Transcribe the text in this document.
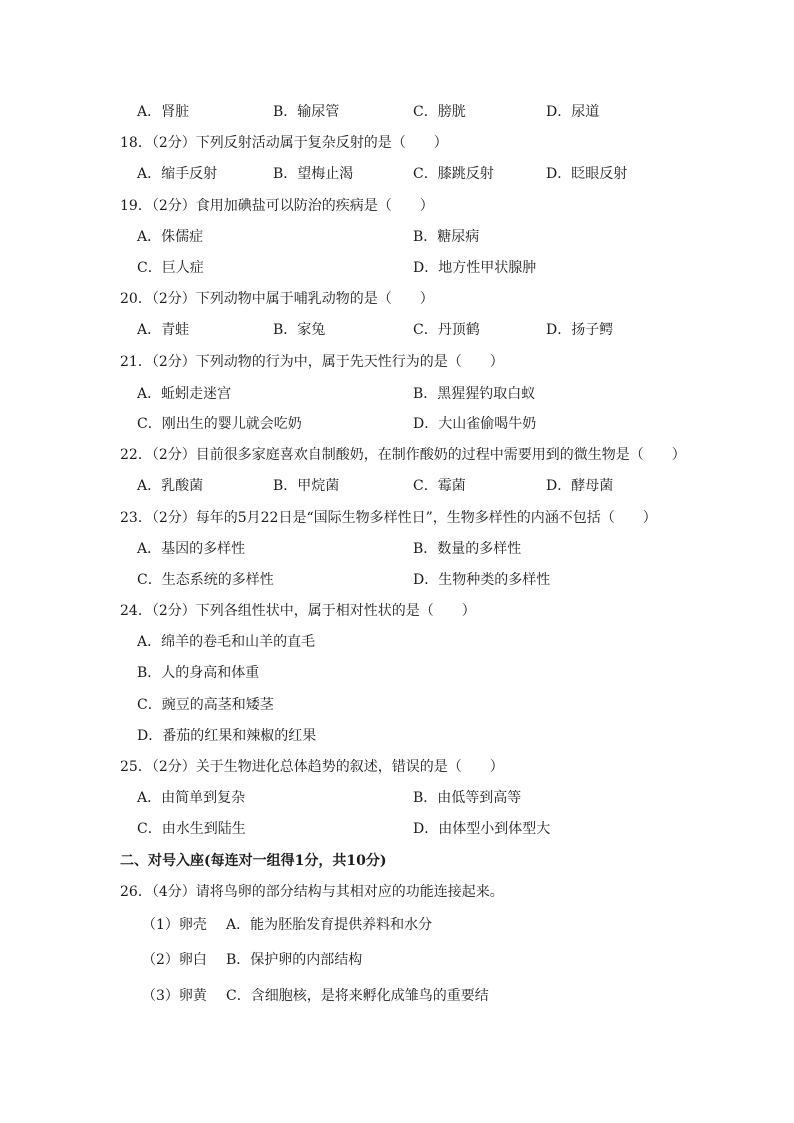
A．肾脏	B．输尿管	C．膀胱	D．尿道
18．（2分）下列反射活动属于复杂反射的是（　　）
A．缩手反射	B．望梅止渴	C．膝跳反射	D．眨眼反射
19．（2分）食用加碘盐可以防治的疾病是（　　）
A．侏儒症	B．糖尿病
C．巨人症	D．地方性甲状腺肿
20．（2分）下列动物中属于哺乳动物的是（　　）
A．青蛙	B．家兔	C．丹顶鹤	D．扬子鳄
21．（2分）下列动物的行为中，属于先天性行为的是（　　）
A．蚯蚓走迷宫	B．黑猩猩钓取白蚁
C．刚出生的婴儿就会吃奶	D．大山雀偷喝牛奶
22．（2分）目前很多家庭喜欢自制酸奶，在制作酸奶的过程中需要用到的微生物是（　　）
A．乳酸菌	B．甲烷菌	C．霉菌	D．酵母菌
23．（2分）每年的5月22日是“国际生物多样性日”，生物多样性的内涵不包括（　　）
A．基因的多样性	B．数量的多样性
C．生态系统的多样性	D．生物种类的多样性
24．（2分）下列各组性状中，属于相对性状的是（　　）
A．绵羊的卷毛和山羊的直毛
B．人的身高和体重
C．豌豆的高茎和矮茎
D．番茄的红果和辣椒的红果
25．（2分）关于生物进化总体趋势的叙述，错误的是（　　）
A．由简单到复杂	B．由低等到高等
C．由水生到陆生	D．由体型小到体型大
二、对号入座(每连对一组得1分，共10分)
26．（4分）请将鸟卵的部分结构与其相对应的功能连接起来。
（1）卵壳 A．能为胚胎发育提供养料和水分
（2）卵白 B．保护卵的内部结构
（3）卵黄 C．含细胞核，是将来孵化成雏鸟的重要结
